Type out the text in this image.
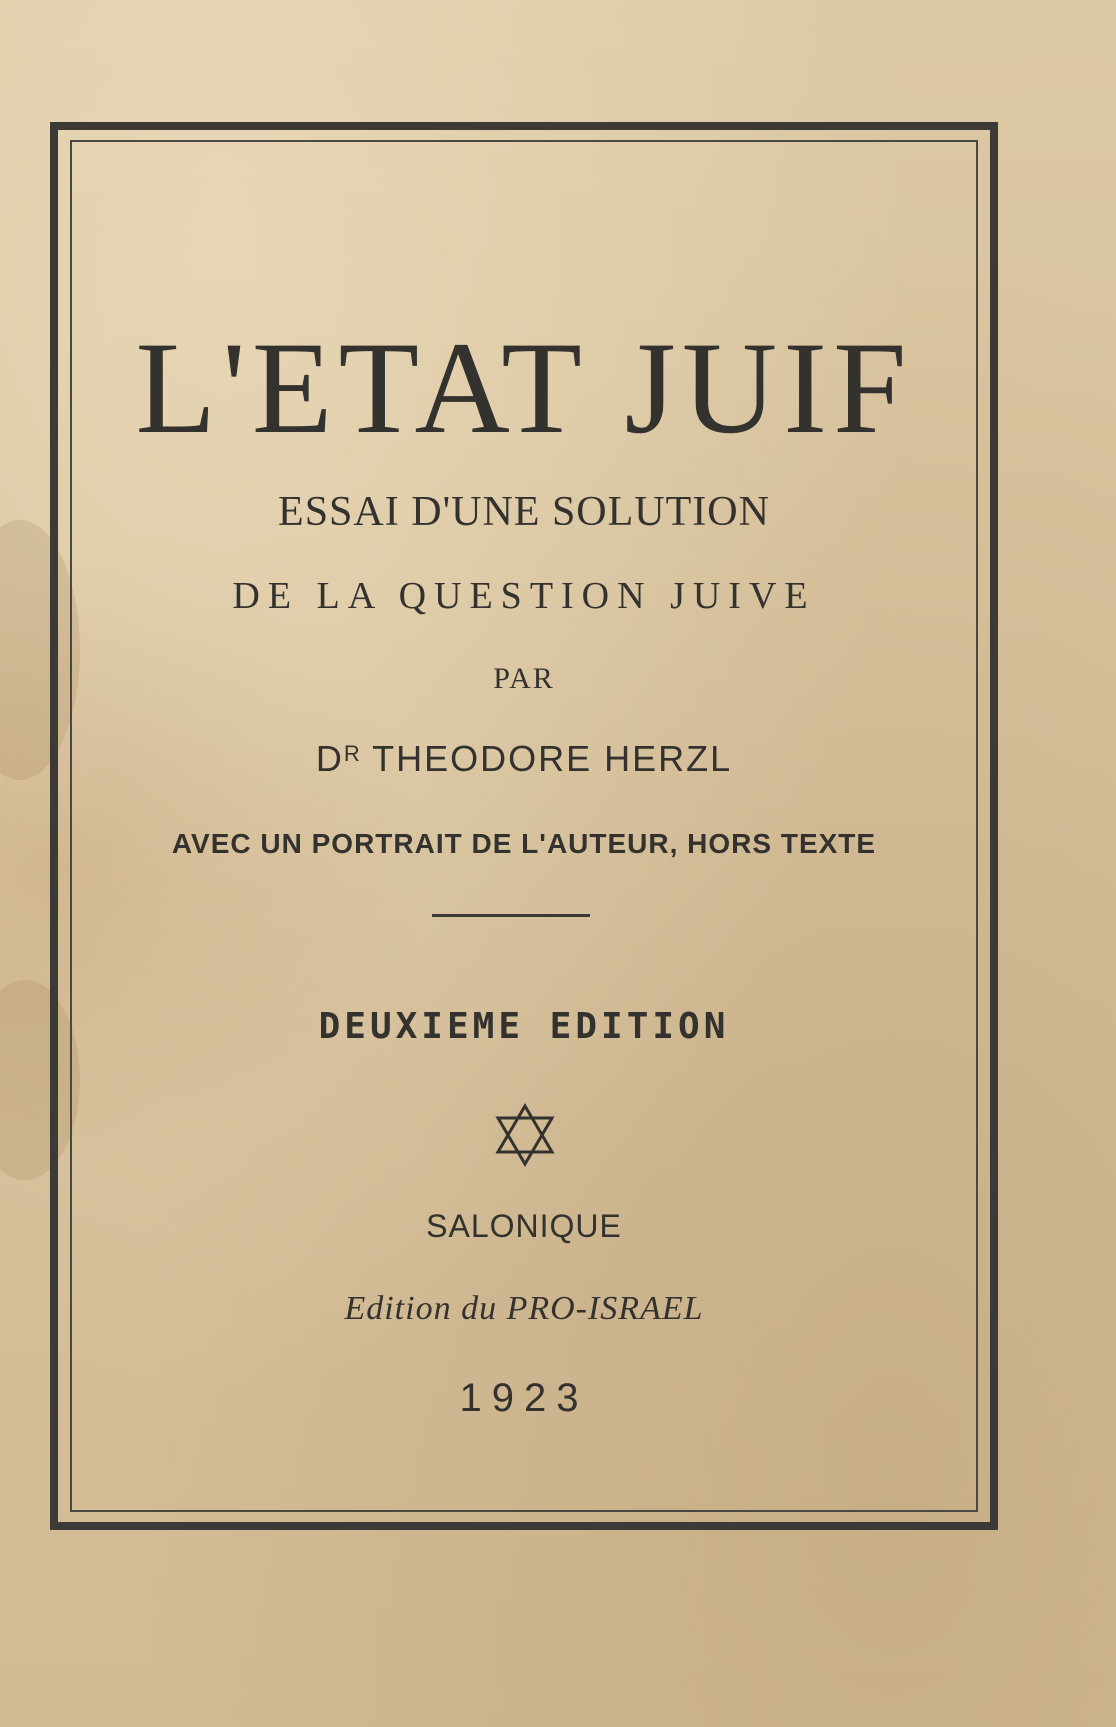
L'ETAT JUIF
ESSAI D'UNE SOLUTION
DE LA QUESTION JUIVE
PAR
$D^R$ THEODORE HERZL
AVEC UN PORTRAIT DE L'AUTEUR, HORS TEXTE
DEUXIEME EDITION
SALONIQUE
Edition du PRO-ISRAEL
1923
